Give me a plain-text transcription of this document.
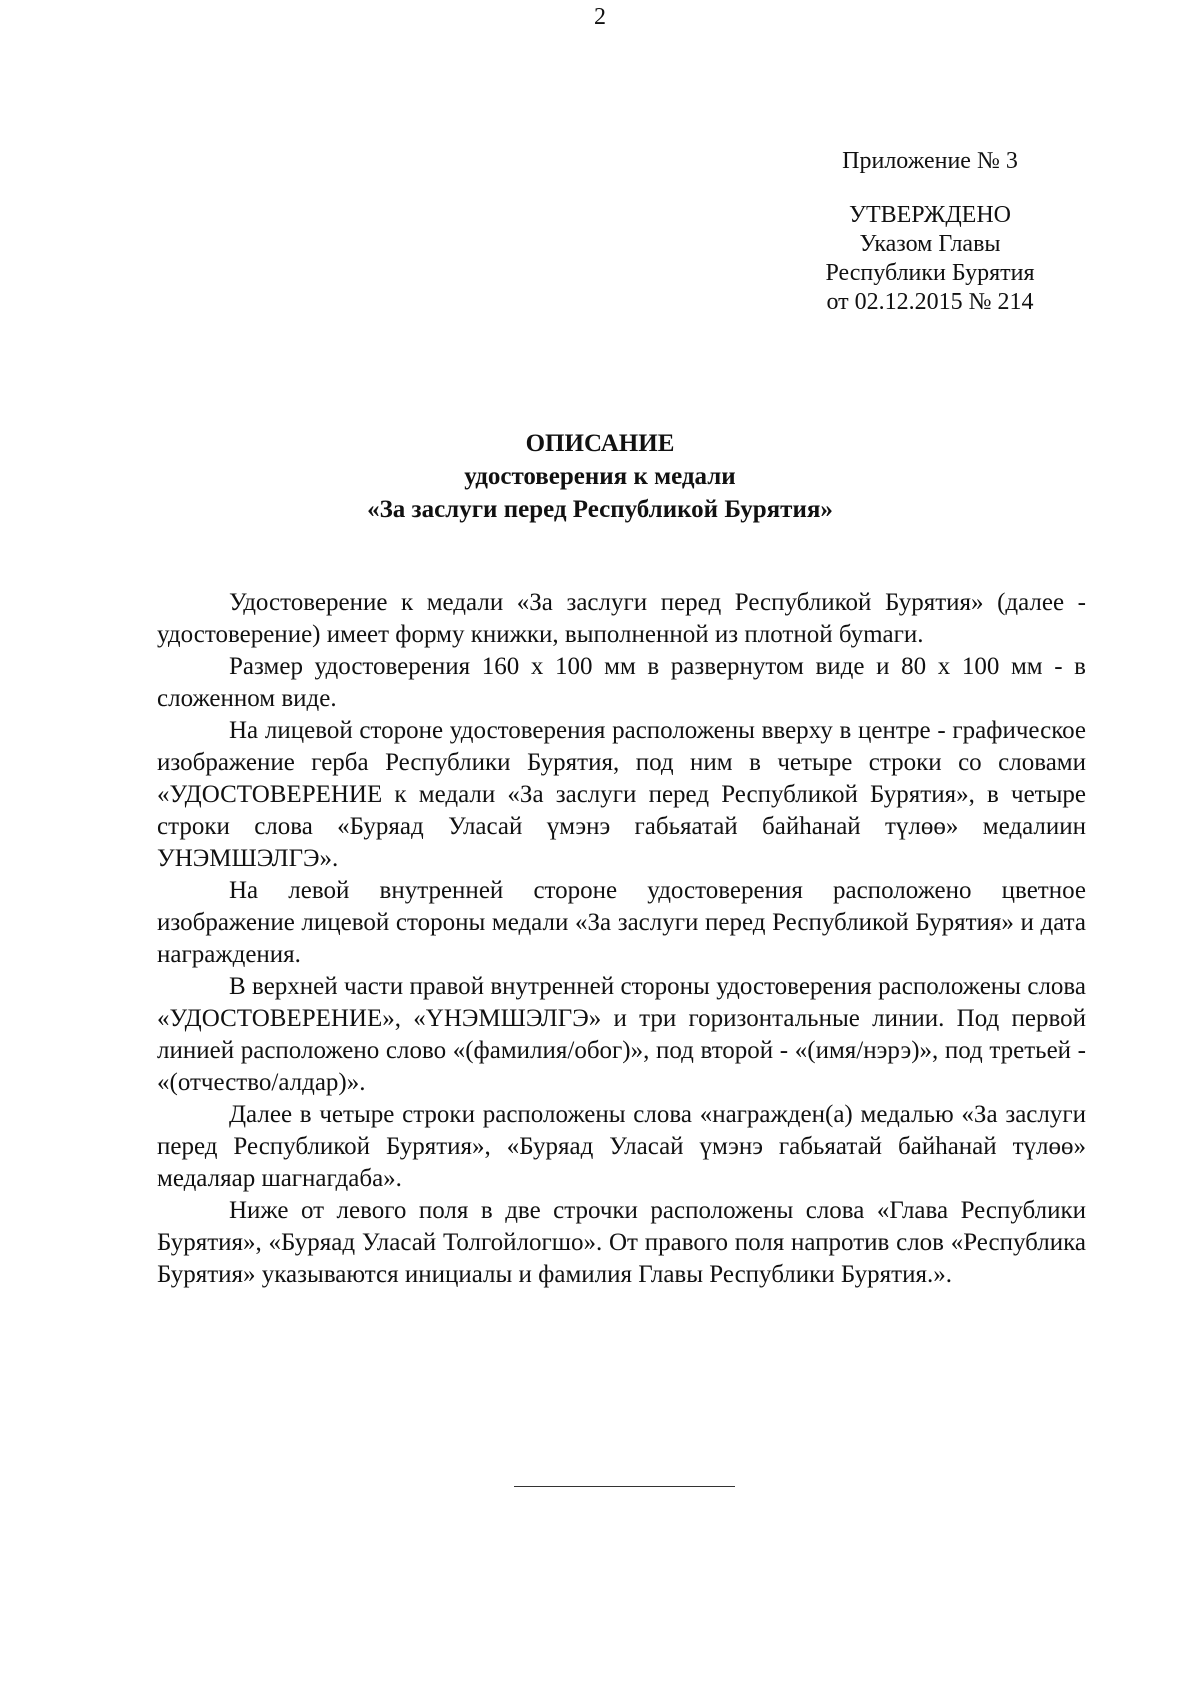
2
Приложение № 3
УТВЕРЖДЕНО
Указом Главы
Республики Бурятия
от 02.12.2015 № 214
ОПИСАНИЕ
удостоверения к медали
«За заслуги перед Республикой Бурятия»

Удостоверение к медали «За заслуги перед Республикой Бурятия» (далее - удостоверение) имеет форму книжки, выполненной из плотной буmаги.

Размер удостоверения 160 х 100 мм в развернутом виде и 80 х 100 мм - в сложенном виде.

На лицевой стороне удостоверения расположены вверху в центре - графическое изображение герба Республики Бурятия, под ним в четыре строки со словами «УДОСТОВЕРЕНИЕ к медали «За заслуги перед Республикой Бурятия», в четыре строки слова «Буряад Уласай үмэнэ габьяатай байһанай түлөө» медалиин УНЭМШЭЛГЭ».

На левой внутренней стороне удостоверения расположено цветное изображение лицевой стороны медали «За заслуги перед Республикой Бурятия» и дата награждения.

В верхней части правой внутренней стороны удостоверения расположены слова «УДОСТОВЕРЕНИЕ», «ҮНЭМШЭЛГЭ» и три горизонтальные линии. Под первой линией расположено слово «(фамилия/обог)», под второй - «(имя/нэрэ)», под третьей - «(отчество/алдар)».

Далее в четыре строки расположены слова «награжден(а) медалью «За заслуги перед Республикой Бурятия», «Буряад Уласай үмэнэ габьяатай байһанай түлөө» медаляар шагнагдаба».

Ниже от левого поля в две строчки расположены слова «Глава Республики Бурятия», «Буряад Уласай Толгойлогшо». От правого поля напротив слов «Республика Бурятия» указываются инициалы и фамилия Главы Республики Бурятия.».
